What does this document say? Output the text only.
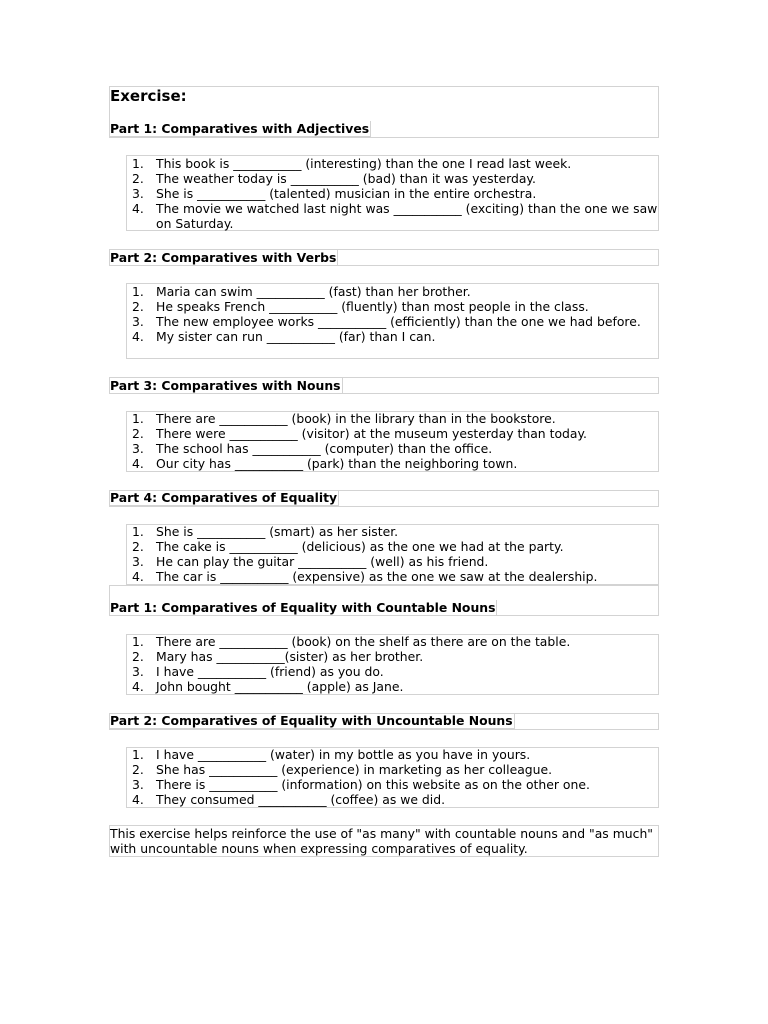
Exercise:
Part 1: Comparatives with Adjectives
1. This book is ___________ (interesting) than the one I read last week.
2. The weather today is ___________ (bad) than it was yesterday.
3. She is ___________ (talented) musician in the entire orchestra.
4. The movie we watched last night was ___________ (exciting) than the one we saw on Saturday.
Part 2: Comparatives with Verbs
1. Maria can swim ___________ (fast) than her brother.
2. He speaks French ___________ (fluently) than most people in the class.
3. The new employee works ___________ (efficiently) than the one we had before.
4. My sister can run ___________ (far) than I can.
Part 3: Comparatives with Nouns
1. There are ___________ (book) in the library than in the bookstore.
2. There were ___________ (visitor) at the museum yesterday than today.
3. The school has ___________ (computer) than the office.
4. Our city has ___________ (park) than the neighboring town.
Part 4: Comparatives of Equality
1. She is ___________ (smart) as her sister.
2. The cake is ___________ (delicious) as the one we had at the party.
3. He can play the guitar ___________ (well) as his friend.
4. The car is ___________ (expensive) as the one we saw at the dealership.
Part 1: Comparatives of Equality with Countable Nouns
1. There are ___________ (book) on the shelf as there are on the table.
2. Mary has ___________(sister) as her brother.
3. I have ___________ (friend) as you do.
4. John bought ___________ (apple) as Jane.
Part 2: Comparatives of Equality with Uncountable Nouns
1. I have ___________ (water) in my bottle as you have in yours.
2. She has ___________ (experience) in marketing as her colleague.
3. There is ___________ (information) on this website as on the other one.
4. They consumed ___________ (coffee) as we did.

This exercise helps reinforce the use of "as many" with countable nouns and "as much" with uncountable nouns when expressing comparatives of equality.
